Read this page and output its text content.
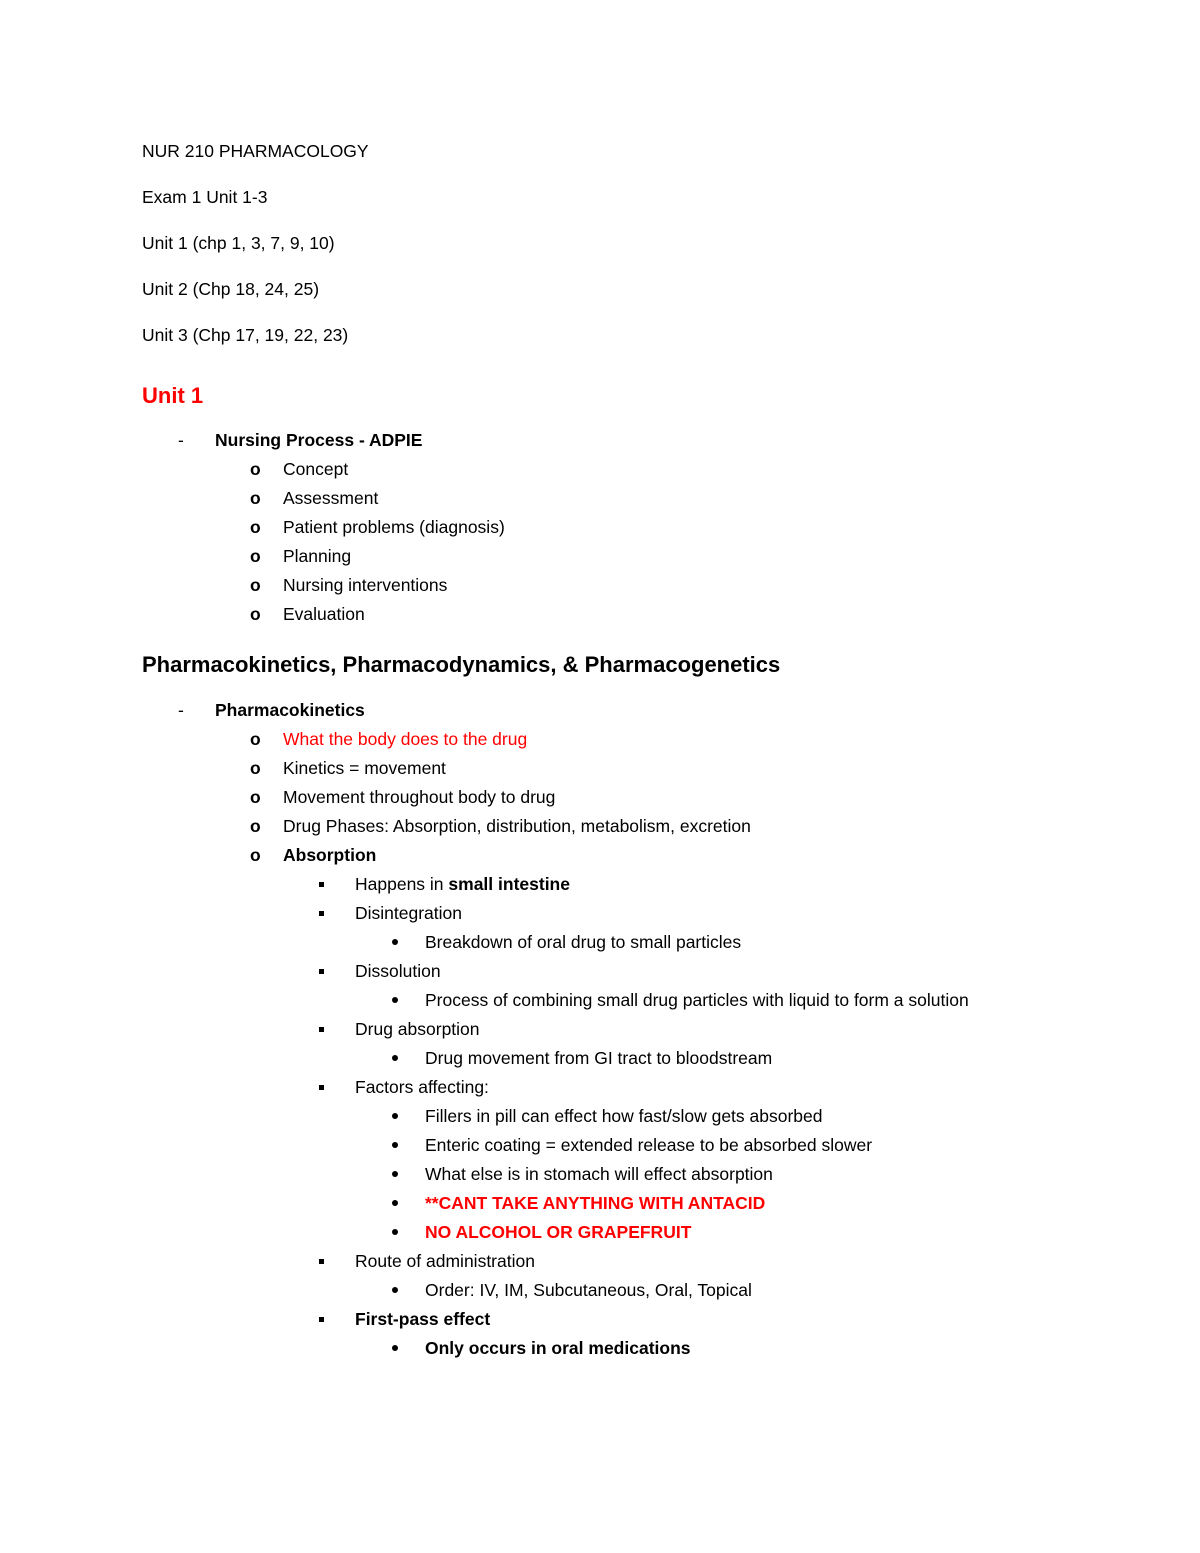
NUR 210 PHARMACOLOGY
Exam 1 Unit 1-3
Unit 1 (chp 1, 3, 7, 9, 10)
Unit 2 (Chp 18, 24, 25)
Unit 3 (Chp 17, 19, 22, 23)
Unit 1
- Nursing Process - ADPIE
o Concept
o Assessment
o Patient problems (diagnosis)
o Planning
o Nursing interventions
o Evaluation
Pharmacokinetics, Pharmacodynamics, & Pharmacogenetics
- Pharmacokinetics
o What the body does to the drug
o Kinetics = movement
o Movement throughout body to drug
o Drug Phases: Absorption, distribution, metabolism, excretion
o Absorption
Happens in small intestine
Disintegration
Breakdown of oral drug to small particles
Dissolution
Process of combining small drug particles with liquid to form a solution
Drug absorption
Drug movement from GI tract to bloodstream
Factors affecting:
Fillers in pill can effect how fast/slow gets absorbed
Enteric coating = extended release to be absorbed slower
What else is in stomach will effect absorption
**CANT TAKE ANYTHING WITH ANTACID
NO ALCOHOL OR GRAPEFRUIT
Route of administration
Order: IV, IM, Subcutaneous, Oral, Topical
First-pass effect
Only occurs in oral medications
